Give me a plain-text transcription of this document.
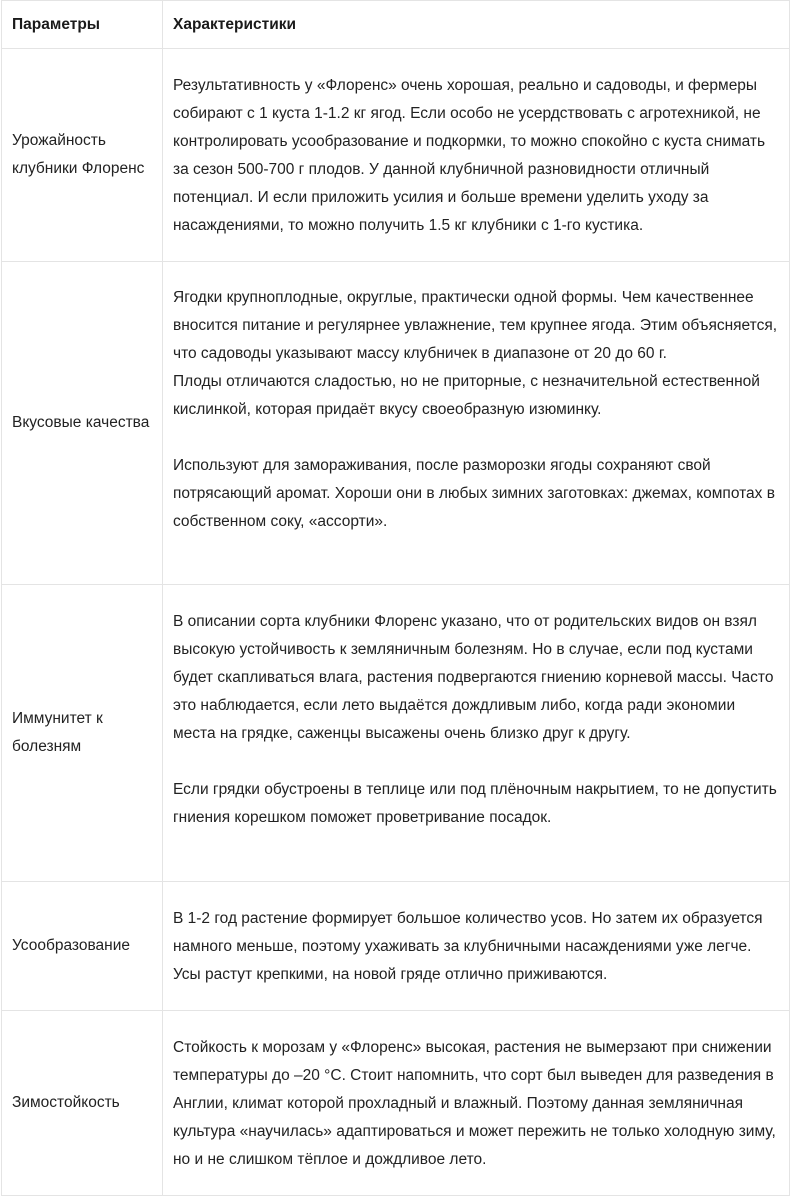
Параметры	Характеристики
Урожайность клубники Флоренс	Результативность у «Флоренс» очень хорошая, реально и садоводы, и фермеры собирают с 1 куста 1-1.2 кг ягод. Если особо не усердствовать с агротехникой, не контролировать усообразование и подкормки, то можно спокойно с куста снимать за сезон 500-700 г плодов. У данной клубничной разновидности отличный потенциал. И если приложить усилия и больше времени уделить уходу за насаждениями, то можно получить 1.5 кг клубники с 1-го кустика.

Вкусовые качества	Ягодки крупноплодные, округлые, практически одной формы. Чем качественнее вносится питание и регулярнее увлажнение, тем крупнее ягода. Этим объясняется, что садоводы указывают массу клубничек в диапазоне от 20 до 60 г.

Плоды отличаются сладостью, но не приторные, с незначительной естественной кислинкой, которая придаёт вкусу своеобразную изюминку.

Используют для замораживания, после разморозки ягоды сохраняют свой потрясающий аромат. Хороши они в любых зимних заготовках: джемах, компотах в собственном соку, «ассорти».

Иммунитет к болезням	В описании сорта клубники Флоренс указано, что от родительских видов он взял высокую устойчивость к земляничным болезням. Но в случае, если под кустами будет скапливаться влага, растения подвергаются гниению корневой массы. Часто это наблюдается, если лето выдаётся дождливым либо, когда ради экономии места на грядке, саженцы высажены очень близко друг к другу.

Если грядки обустроены в теплице или под плёночным накрытием, то не допустить гниения корешком поможет проветривание посадок.

Усообразование	В 1-2 год растение формирует большое количество усов. Но затем их образуется намного меньше, поэтому ухаживать за клубничными насаждениями уже легче. Усы растут крепкими, на новой гряде отлично приживаются.

Зимостойкость	Стойкость к морозам у «Флоренс» высокая, растения не вымерзают при снижении температуры до –20 °С. Стоит напомнить, что сорт был выведен для разведения в Англии, климат которой прохладный и влажный. Поэтому данная земляничная культура «научилась» адаптироваться и может пережить не только холодную зиму, но и не слишком тёплое и дождливое лето.
